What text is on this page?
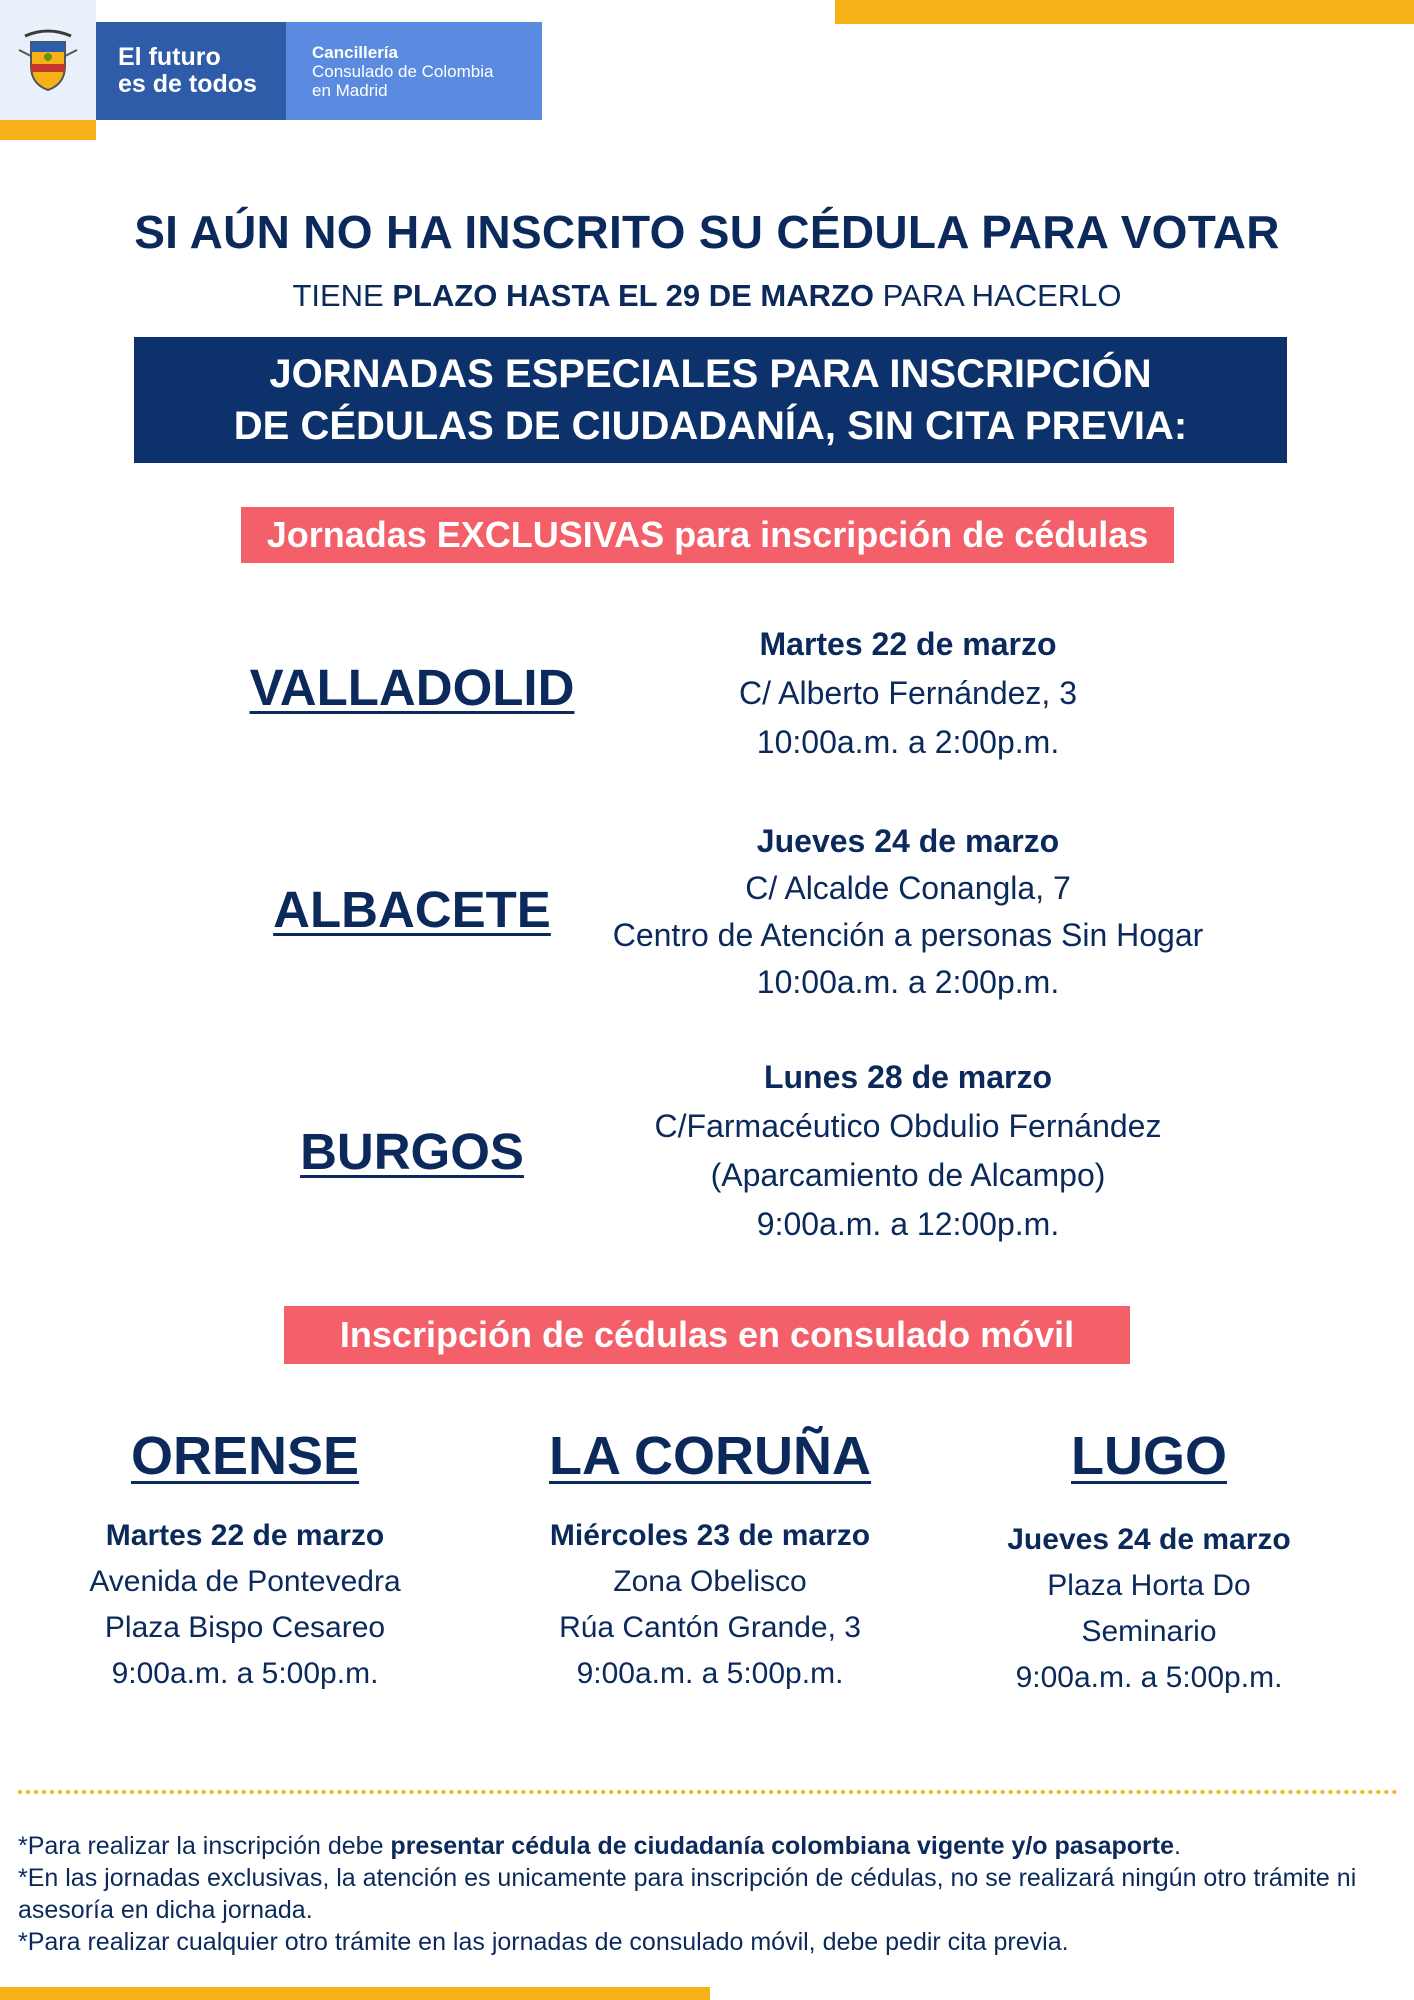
El futuro
es de todos
Cancillería
Consulado de Colombia
en Madrid
SI AÚN NO HA INSCRITO SU CÉDULA PARA VOTAR
TIENE PLAZO HASTA EL 29 DE MARZO PARA HACERLO
JORNADAS ESPECIALES PARA INSCRIPCIÓN
DE CÉDULAS DE CIUDADANÍA, SIN CITA PREVIA:
Jornadas EXCLUSIVAS para inscripción de cédulas
VALLADOLID
Martes 22 de marzo
C/ Alberto Fernández, 3
10:00a.m. a 2:00p.m.
ALBACETE
Jueves 24 de marzo
C/ Alcalde Conangla, 7
Centro de Atención a personas Sin Hogar
10:00a.m. a 2:00p.m.
BURGOS
Lunes 28 de marzo
C/Farmacéutico Obdulio Fernández
(Aparcamiento de Alcampo)
9:00a.m. a 12:00p.m.
Inscripción de cédulas en consulado móvil
ORENSE
Martes 22 de marzo
Avenida de Pontevedra
Plaza Bispo Cesareo
9:00a.m. a 5:00p.m.
LA CORUÑA
Miércoles 23 de marzo
Zona Obelisco
Rúa Cantón Grande, 3
9:00a.m. a 5:00p.m.
LUGO
Jueves 24 de marzo
Plaza Horta Do
Seminario
9:00a.m. a 5:00p.m.

*Para realizar la inscripción debe presentar cédula de ciudadanía colombiana vigente y/o pasaporte.

*En las jornadas exclusivas, la atención es unicamente para inscripción de cédulas, no se realizará ningún otro trámite ni asesoría en dicha jornada.

*Para realizar cualquier otro trámite en las jornadas de consulado móvil, debe pedir cita previa.
